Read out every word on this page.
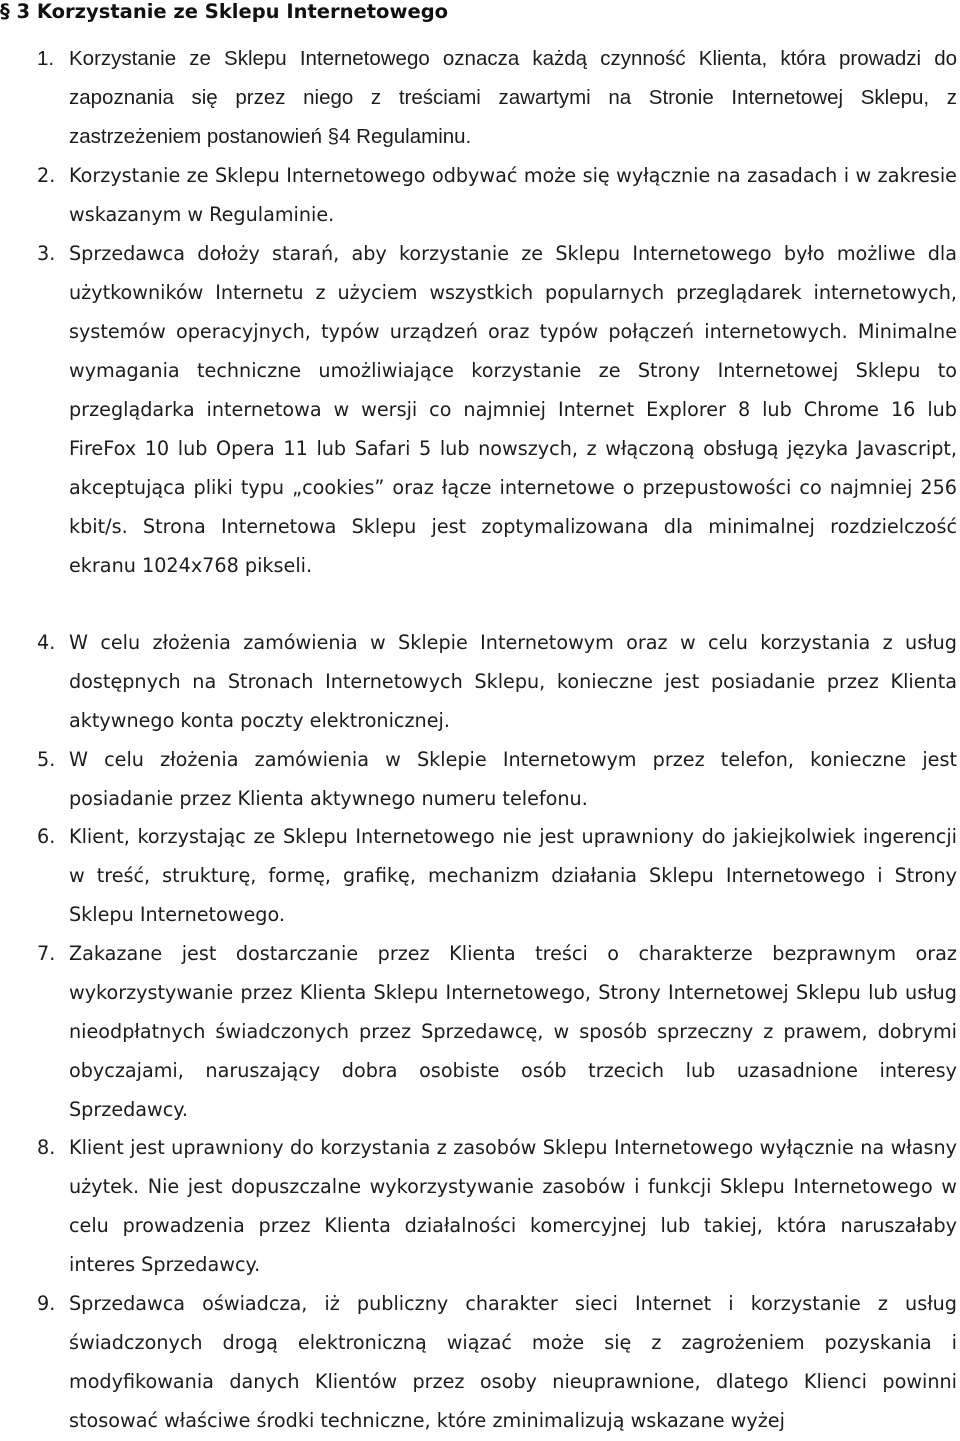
§ 3 Korzystanie ze Sklepu Internetowego
1. Korzystanie ze Sklepu Internetowego oznacza każdą czynność Klienta, która prowadzi do zapoznania się przez niego z treściami zawartymi na Stronie Internetowej Sklepu, z zastrzeżeniem postanowień §4 Regulaminu.
2. Korzystanie ze Sklepu Internetowego odbywać może się wyłącznie na zasadach i w zakresie wskazanym w Regulaminie.
3. Sprzedawca dołoży starań, aby korzystanie ze Sklepu Internetowego było możliwe dla użytkowników Internetu z użyciem wszystkich popularnych przeglądarek internetowych, systemów operacyjnych, typów urządzeń oraz typów połączeń internetowych. Minimalne wymagania techniczne umożliwiające korzystanie ze Strony Internetowej Sklepu to przeglądarka internetowa w wersji co najmniej Internet Explorer 8 lub Chrome 16 lub FireFox 10 lub Opera 11 lub Safari 5 lub nowszych, z włączoną obsługą języka Javascript, akceptująca pliki typu „cookies” oraz łącze internetowe o przepustowości co najmniej 256 kbit/s. Strona Internetowa Sklepu jest zoptymalizowana dla minimalnej rozdzielczość ekranu 1024x768 pikseli.
4. W celu złożenia zamówienia w Sklepie Internetowym oraz w celu korzystania z usług dostępnych na Stronach Internetowych Sklepu, konieczne jest posiadanie przez Klienta aktywnego konta poczty elektronicznej.
5. W celu złożenia zamówienia w Sklepie Internetowym przez telefon, konieczne jest posiadanie przez Klienta aktywnego numeru telefonu.
6. Klient, korzystając ze Sklepu Internetowego nie jest uprawniony do jakiejkolwiek ingerencji w treść, strukturę, formę, grafikę, mechanizm działania Sklepu Internetowego i Strony Sklepu Internetowego.
7. Zakazane jest dostarczanie przez Klienta treści o charakterze bezprawnym oraz wykorzystywanie przez Klienta Sklepu Internetowego, Strony Internetowej Sklepu lub usług nieodpłatnych świadczonych przez Sprzedawcę, w sposób sprzeczny z prawem, dobrymi obyczajami, naruszający dobra osobiste osób trzecich lub uzasadnione interesy Sprzedawcy.
8. Klient jest uprawniony do korzystania z zasobów Sklepu Internetowego wyłącznie na własny użytek. Nie jest dopuszczalne wykorzystywanie zasobów i funkcji Sklepu Internetowego w celu prowadzenia przez Klienta działalności komercyjnej lub takiej, która naruszałaby interes Sprzedawcy.
9. Sprzedawca oświadcza, iż publiczny charakter sieci Internet i korzystanie z usług świadczonych drogą elektroniczną wiązać może się z zagrożeniem pozyskania i modyfikowania danych Klientów przez osoby nieuprawnione, dlatego Klienci powinni stosować właściwe środki techniczne, które zminimalizują wskazane wyżej
